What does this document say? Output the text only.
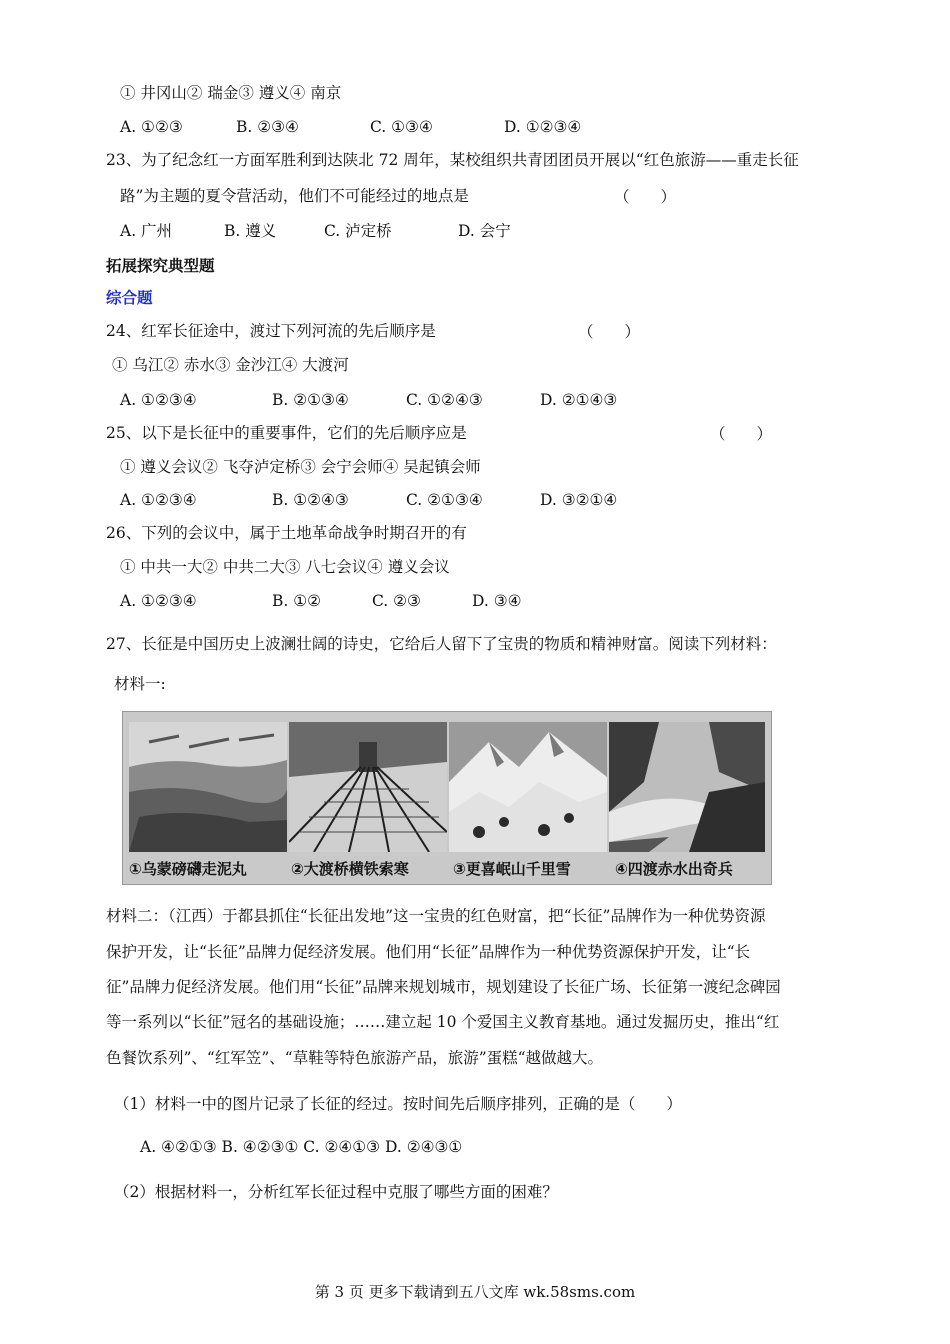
① 井冈山② 瑞金③ 遵义④ 南京
A. ①②③	B. ②③④	C. ①③④	D. ①②③④
23、为了纪念红一方面军胜利到达陕北 72 周年，某校组织共青团团员开展以“红色旅游——重走长征
路”为主题的夏令营活动，他们不可能经过的地点是	（　　）
A. 广州	B. 遵义	C. 泸定桥	D. 会宁
拓展探究典型题
综合题
24、红军长征途中，渡过下列河流的先后顺序是	（　　）
① 乌江② 赤水③ 金沙江④ 大渡河
A. ①②③④	B. ②①③④	C. ①②④③	D. ②①④③
25、以下是长征中的重要事件，它们的先后顺序应是	（　　）
① 遵义会议② 飞夺泸定桥③ 会宁会师④ 吴起镇会师
A. ①②③④	B. ①②④③	C. ②①③④	D. ③②①④
26、下列的会议中，属于土地革命战争时期召开的有
① 中共一大② 中共二大③ 八七会议④ 遵义会议
A. ①②③④	B. ①②	C. ②③	D. ③④
27、长征是中国历史上波澜壮阔的诗史，它给后人留下了宝贵的物质和精神财富。阅读下列材料：
材料一:
①乌蒙磅礴走泥丸	②大渡桥横铁索寒	③更喜岷山千里雪	④四渡赤水出奇兵
材料二：（江西）于都县抓住“长征出发地”这一宝贵的红色财富，把“长征”品牌作为一种优势资源
保护开发，让“长征”品牌力促经济发展。他们用“长征”品牌作为一种优势资源保护开发，让“长
征”品牌力促经济发展。他们用“长征”品牌来规划城市，规划建设了长征广场、长征第一渡纪念碑园
等一系列以“长征”冠名的基础设施；……建立起 10 个爱国主义教育基地。通过发掘历史，推出“红
色餐饮系列”、“红军笠”、“草鞋等特色旅游产品，旅游”蛋糕“越做越大。
（1）材料一中的图片记录了长征的经过。按时间先后顺序排列，正确的是（　　）
A. ④②①③ B. ④②③① C. ②④①③ D. ②④③①
（2）根据材料一，分析红军长征过程中克服了哪些方面的困难？
第 3 页 更多下载请到五八文库 wk.58sms.com
